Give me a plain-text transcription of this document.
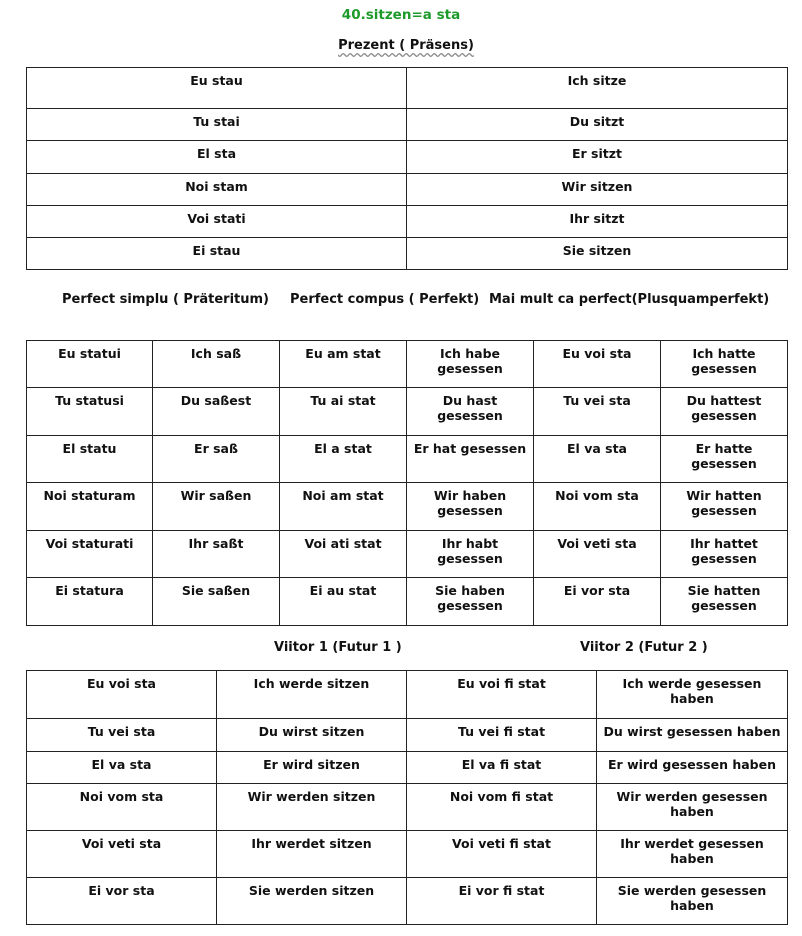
40.sitzen=a sta
Prezent ( Präsens)
Eu stau	Ich sitze
Tu stai	Du sitzt
El sta	Er sitzt
Noi stam	Wir sitzen
Voi stati	Ihr sitzt
Ei stau	Sie sitzen
Perfect simplu ( Präteritum) Perfect compus ( Perfekt) Mai mult ca perfect(Plusquamperfekt)
Eu statui	Ich saß	Eu am stat	Ich habe gesessen	Eu voi sta	Ich hatte gesessen
Tu statusi	Du saßest	Tu ai stat	Du hast gesessen	Tu vei sta	Du hattest gesessen
El statu	Er saß	El a stat	Er hat gesessen	El va sta	Er hatte gesessen
Noi staturam	Wir saßen	Noi am stat	Wir haben gesessen	Noi vom sta	Wir hatten gesessen
Voi staturati	Ihr saßt	Voi ati stat	Ihr habt gesessen	Voi veti sta	Ihr hattet gesessen
Ei statura	Sie saßen	Ei au stat	Sie haben gesessen	Ei vor sta	Sie hatten gesessen
Viitor 1 (Futur 1 )	Viitor 2 (Futur 2 )
Eu voi sta	Ich werde sitzen	Eu voi fi stat	Ich werde gesessen haben
Tu vei sta	Du wirst sitzen	Tu vei fi stat	Du wirst gesessen haben
El va sta	Er wird sitzen	El va fi stat	Er wird gesessen haben
Noi vom sta	Wir werden sitzen	Noi vom fi stat	Wir werden gesessen haben
Voi veti sta	Ihr werdet sitzen	Voi veti fi stat	Ihr werdet gesessen haben
Ei vor sta	Sie werden sitzen	Ei vor fi stat	Sie werden gesessen haben
